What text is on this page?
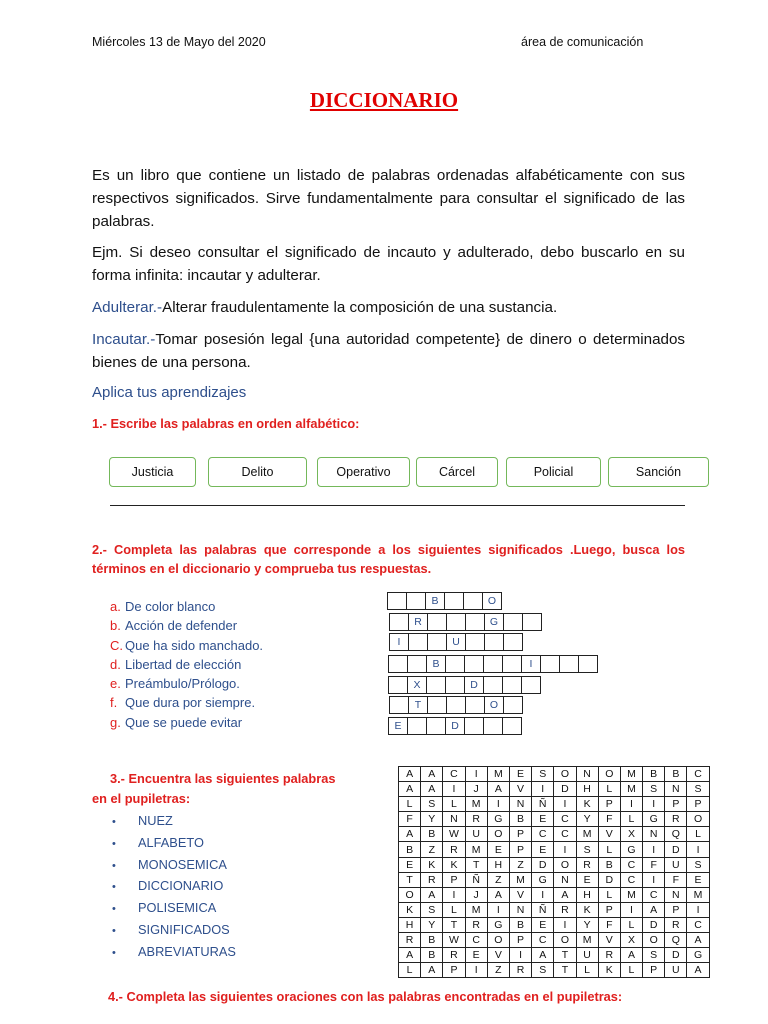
Miércoles 13 de Mayo del 2020	área de comunicación
DICCIONARIO
Es un libro que contiene un listado de palabras ordenadas alfabéticamente con sus respectivos significados. Sirve fundamentalmente para consultar el significado de las palabras.
Ejm. Si deseo consultar el significado de incauto y adulterado, debo buscarlo en su forma infinita: incautar y adulterar.
Adulterar.-Alterar fraudulentamente la composición de una sustancia.
Incautar.-Tomar posesión legal {una autoridad competente} de dinero o determinados bienes de una persona.
Aplica tus aprendizajes
1.- Escribe las palabras en orden alfabético:
Justicia	Delito	Operativo	Cárcel	Policial	Sanción
2.- Completa las palabras que corresponde a los siguientes significados .Luego, busca los términos en el diccionario y comprueba tus respuestas.
a. De color blanco
b. Acción de defender
C. Que ha sido manchado.
d. Libertad de elección
e. Preámbulo/Prólogo.
f. Que dura por siempre.
g. Que se puede evitar
		B			O
	R				G		
I			U			
		B					I			
	X			D			
	T				O	
E			D			
3.- Encuentra las siguientes palabras
en el pupiletras:
• NUEZ
• ALFABETO
• MONOSEMICA
• DICCIONARIO
• POLISEMICA
• SIGNIFICADOS
• ABREVIATURAS
A	A	C	I	M	E	S	O	N	O	M	B	B	C
A	A	I	J	A	V	I	D	H	L	M	S	N	S
L	S	L	M	I	N	Ñ	I	K	P	I	I	P	P
F	Y	N	R	G	B	E	C	Y	F	L	G	R	O
A	B	W	U	O	P	C	C	M	V	X	N	Q	L
B	Z	R	M	E	P	E	I	S	L	G	I	D	I
E	K	K	T	H	Z	D	O	R	B	C	F	U	S
T	R	P	Ñ	Z	M	G	N	E	D	C	I	F	E
O	A	I	J	A	V	I	A	H	L	M	C	N	M
K	S	L	M	I	N	Ñ	R	K	P	I	A	P	I
H	Y	T	R	G	B	E	I	Y	F	L	D	R	C
R	B	W	C	O	P	C	O	M	V	X	O	Q	A
A	B	R	E	V	I	A	T	U	R	A	S	D	G
L	A	P	I	Z	R	S	T	L	K	L	P	U	A
4.- Completa las siguientes oraciones con las palabras encontradas en el pupiletras:
